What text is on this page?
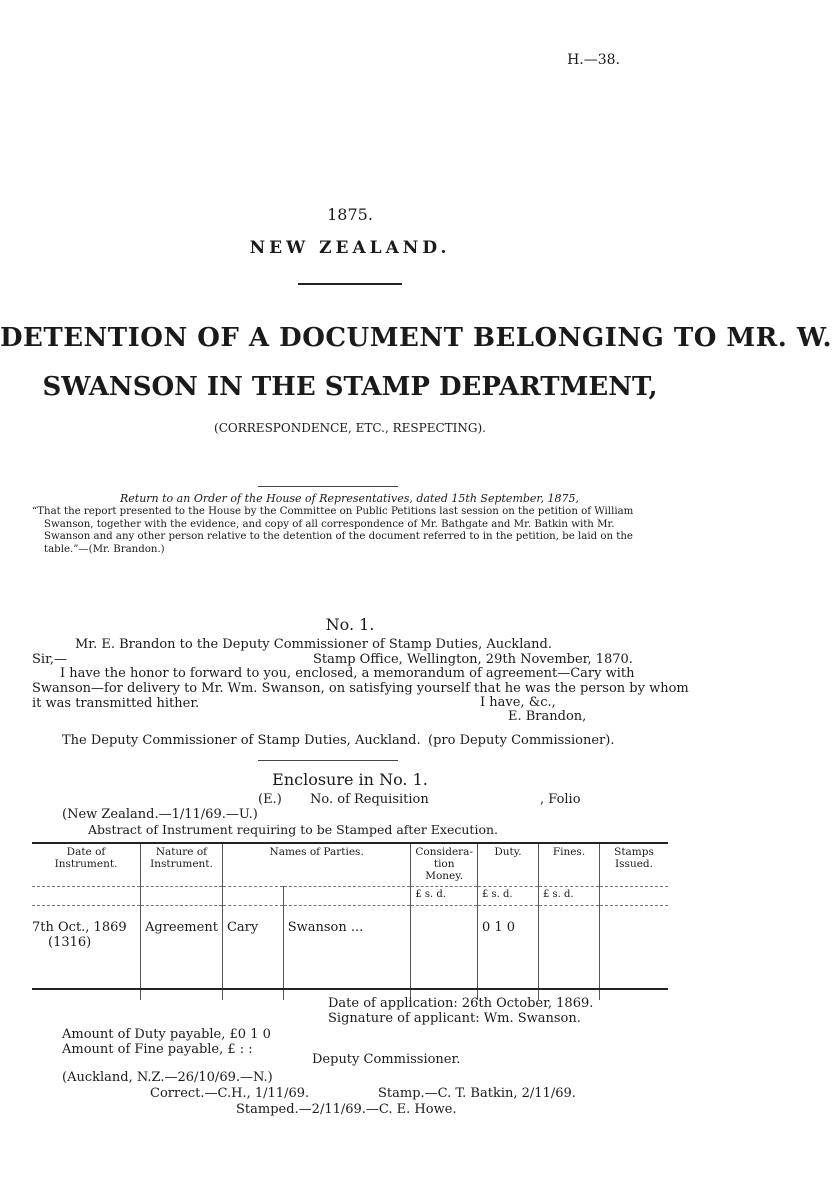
H.—38.
1875.
NEW ZEALAND.
DETENTION OF A DOCUMENT BELONGING TO MR. W.
SWANSON IN THE STAMP DEPARTMENT,
(CORRESPONDENCE, ETC., RESPECTING).
Return to an Order of the House of Representatives, dated 15th September, 1875,
“That the report presented to the House by the Committee on Public Petitions last session on the petition of William
Swanson, together with the evidence, and copy of all correspondence of Mr. Bathgate and Mr. Batkin with Mr.
Swanson and any other person relative to the detention of the document referred to in the petition, be laid on the
table.”—(Mr. Brandon.)
No. 1.
Mr. E. Brandon to the Deputy Commissioner of Stamp Duties, Auckland.
Sir,—	Stamp Office, Wellington, 29th November, 1870.
I have the honor to forward to you, enclosed, a memorandum of agreement—Cary with
Swanson—for delivery to Mr. Wm. Swanson, on satisfying yourself that he was the person by whom
it was transmitted hither.	I have, &c.,
E. Brandon,
The Deputy Commissioner of Stamp Duties, Auckland. (pro Deputy Commissioner).
Enclosure in No. 1.
(E.) No. of Requisition	, Folio
(New Zealand.—1/11/69.—U.)
Abstract of Instrument requiring to be Stamped after Execution.
Date of Instrument.	Nature of Instrument.	Names of Parties.		Considera- tion Money.	Duty.	Fines.	Stamps Issued.
				£ s. d.	£ s. d.	£ s. d.	

7th Oct., 1869
(1316)	Agreement	Cary	Swanson ...		0 1 0		
Date of application: 26th October, 1869.
Signature of applicant: Wm. Swanson.
Amount of Duty payable, £0 1 0
Amount of Fine payable, £ : :
Deputy Commissioner.
(Auckland, N.Z.—26/10/69.—N.)
Correct.—C.H., 1/11/69.	Stamp.—C. T. Batkin, 2/11/69.
Stamped.—2/11/69.—C. E. Howe.
